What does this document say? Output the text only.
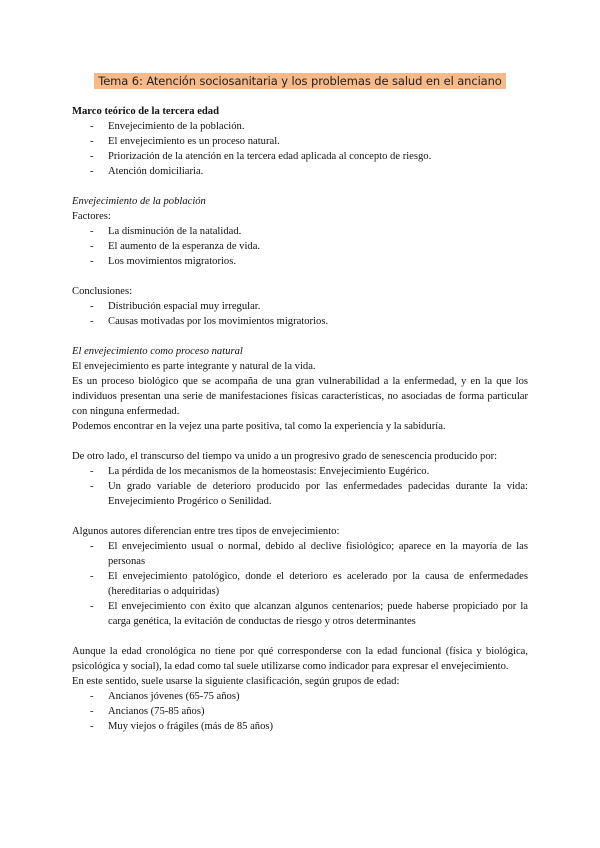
Tema 6: Atención sociosanitaria y los problemas de salud en el anciano

Marco teórico de la tercera edad

- Envejecimiento de la población.
- El envejecimiento es un proceso natural.
- Priorización de la atención en la tercera edad aplicada al concepto de riesgo.
- Atención domiciliaria.

Envejecimiento de la población

Factores:

- La disminución de la natalidad.
- El aumento de la esperanza de vida.
- Los movimientos migratorios.

Conclusiones:

- Distribución espacial muy irregular.
- Causas motivadas por los movimientos migratorios.

El envejecimiento como proceso natural

El envejecimiento es parte integrante y natural de la vida.

Es un proceso biológico que se acompaña de una gran vulnerabilidad a la enfermedad, y en la que los individuos presentan una serie de manifestaciones físicas características, no asociadas de forma particular con ninguna enfermedad.

Podemos encontrar en la vejez una parte positiva, tal como la experiencia y la sabiduría.

De otro lado, el transcurso del tiempo va unido a un progresivo grado de senescencia producido por:

- La pérdida de los mecanismos de la homeostasis: Envejecimiento Eugérico.
- Un grado variable de deterioro producido por las enfermedades padecidas durante la vida: Envejecimiento Progérico o Senilidad.

Algunos autores diferencian entre tres tipos de envejecimiento:

- El envejecimiento usual o normal, debido al declive fisiológico; aparece en la mayoría de las personas
- El envejecimiento patológico, donde el deterioro es acelerado por la causa de enfermedades (hereditarias o adquiridas)
- El envejecimiento con éxito que alcanzan algunos centenarios; puede haberse propiciado por la carga genética, la evitación de conductas de riesgo y otros determinantes

Aunque la edad cronológica no tiene por qué corresponderse con la edad funcional (física y biológica, psicológica y social), la edad como tal suele utilizarse como indicador para expresar el envejecimiento.

En este sentido, suele usarse la siguiente clasificación, según grupos de edad:

- Ancianos jóvenes (65-75 años)
- Ancianos (75-85 años)
- Muy viejos o frágiles (más de 85 años)
